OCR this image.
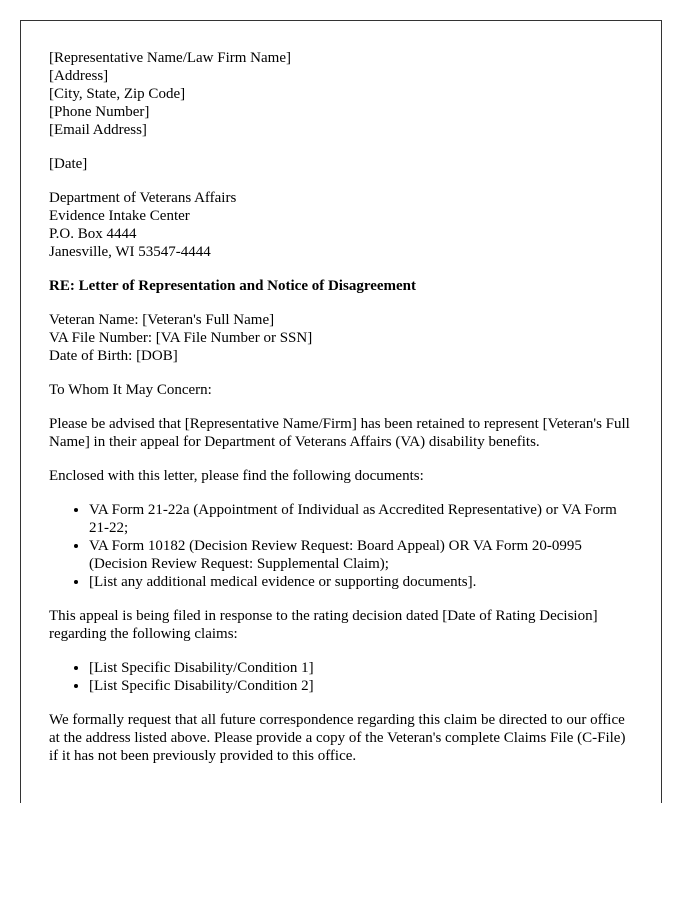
[Representative Name/Law Firm Name]
[Address]
[City, State, Zip Code]
[Phone Number]
[Email Address]

[Date]

Department of Veterans Affairs
Evidence Intake Center
P.O. Box 4444
Janesville, WI 53547-4444

RE: Letter of Representation and Notice of Disagreement

Veteran Name: [Veteran's Full Name]
VA File Number: [VA File Number or SSN]
Date of Birth: [DOB]

To Whom It May Concern:

Please be advised that [Representative Name/Firm] has been retained to represent [Veteran's Full Name] in their appeal for Department of Veterans Affairs (VA) disability benefits.

Enclosed with this letter, please find the following documents:

• VA Form 21-22a (Appointment of Individual as Accredited Representative) or VA Form 21-22;
• VA Form 10182 (Decision Review Request: Board Appeal) OR VA Form 20-0995 (Decision Review Request: Supplemental Claim);
• [List any additional medical evidence or supporting documents].

This appeal is being filed in response to the rating decision dated [Date of Rating Decision] regarding the following claims:

• [List Specific Disability/Condition 1]
• [List Specific Disability/Condition 2]

We formally request that all future correspondence regarding this claim be directed to our office at the address listed above. Please provide a copy of the Veteran's complete Claims File (C-File) if it has not been previously provided to this office.
